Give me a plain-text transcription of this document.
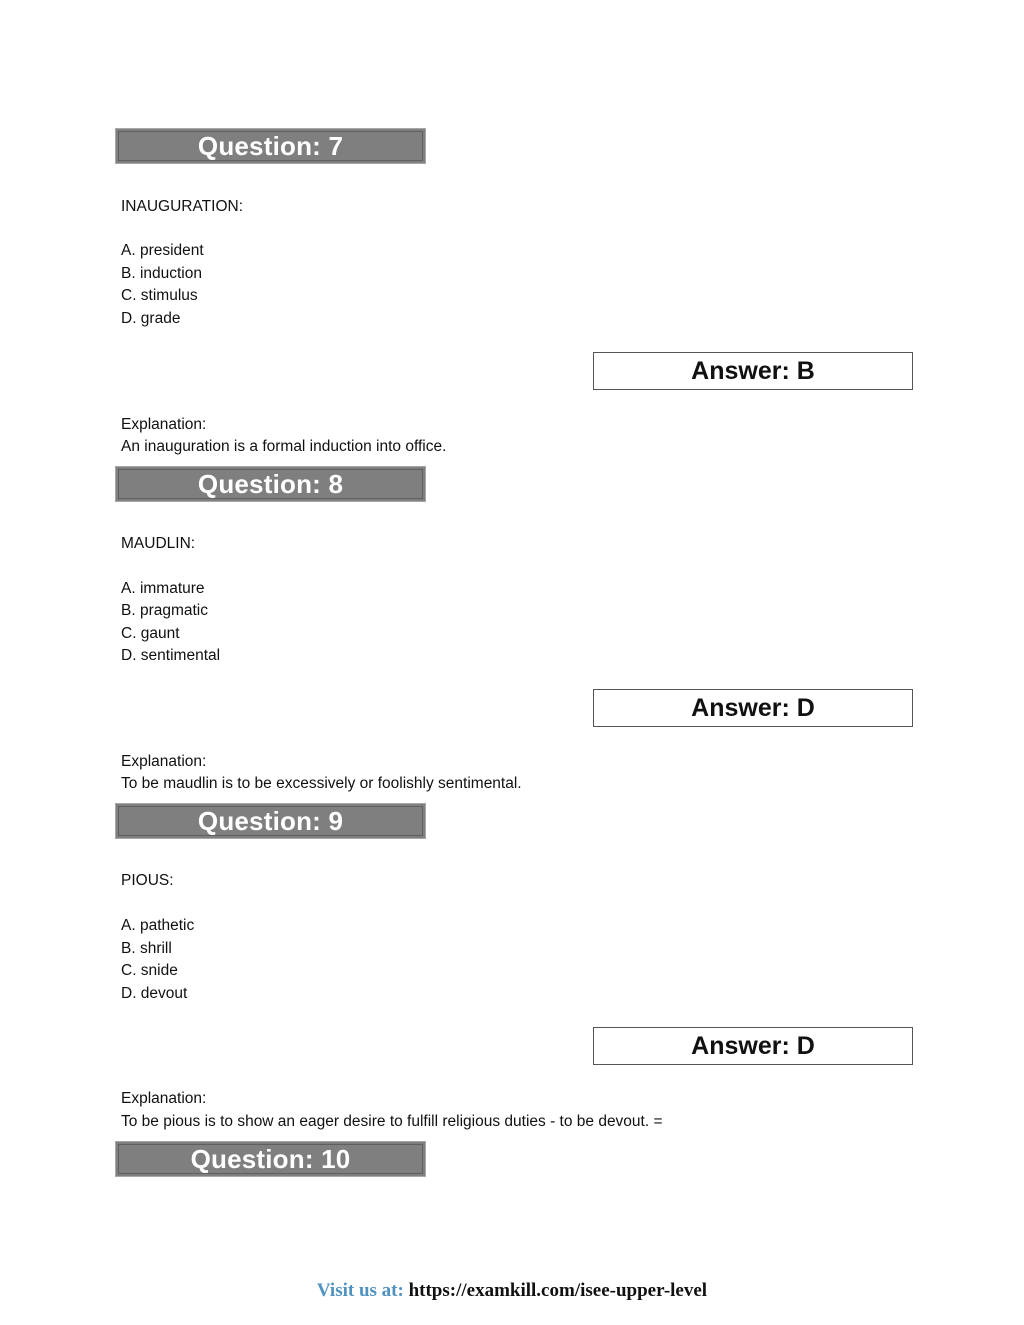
Question: 7
INAUGURATION:
A. president
B. induction
C. stimulus
D. grade
Answer: B
Explanation:
An inauguration is a formal induction into office.
Question: 8
MAUDLIN:
A. immature
B. pragmatic
C. gaunt
D. sentimental
Answer: D
Explanation:
To be maudlin is to be excessively or foolishly sentimental.
Question: 9
PIOUS:
A. pathetic
B. shrill
C. snide
D. devout
Answer: D
Explanation:
To be pious is to show an eager desire to fulfill religious duties - to be devout. =
Question: 10
Visit us at: https://examkill.com/isee-upper-level
